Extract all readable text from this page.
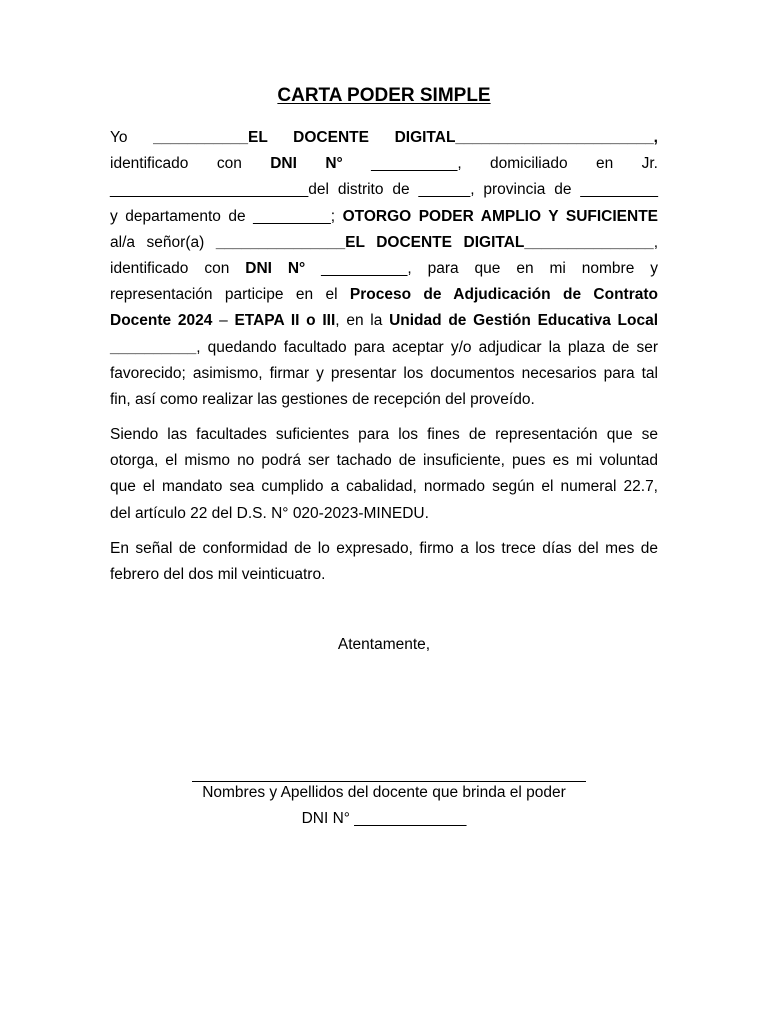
CARTA PODER SIMPLE
Yo ___________EL DOCENTE DIGITAL_______________________,
identificado con DNI N° __________, domiciliado en Jr.
_______________________del distrito de ______, provincia de _________
y departamento de _________; OTORGO PODER AMPLIO Y SUFICIENTE
al/a señor(a) _______________EL DOCENTE DIGITAL_______________,
identificado con DNI N° __________, para que en mi nombre y
representación participe en el Proceso de Adjudicación de Contrato
Docente 2024 – ETAPA II o III, en la Unidad de Gestión Educativa Local
__________, quedando facultado para aceptar y/o adjudicar la plaza de ser
favorecido; asimismo, firmar y presentar los documentos necesarios para tal
fin, así como realizar las gestiones de recepción del proveído.
Siendo las facultades suficientes para los fines de representación que se
otorga, el mismo no podrá ser tachado de insuficiente, pues es mi voluntad
que el mandato sea cumplido a cabalidad, normado según el numeral 22.7,
del artículo 22 del D.S. N° 020-2023-MINEDU.
En señal de conformidad de lo expresado, firmo a los trece días del mes de
febrero del dos mil veinticuatro.
Atentamente,
Nombres y Apellidos del docente que brinda el poder
DNI N° _____________
